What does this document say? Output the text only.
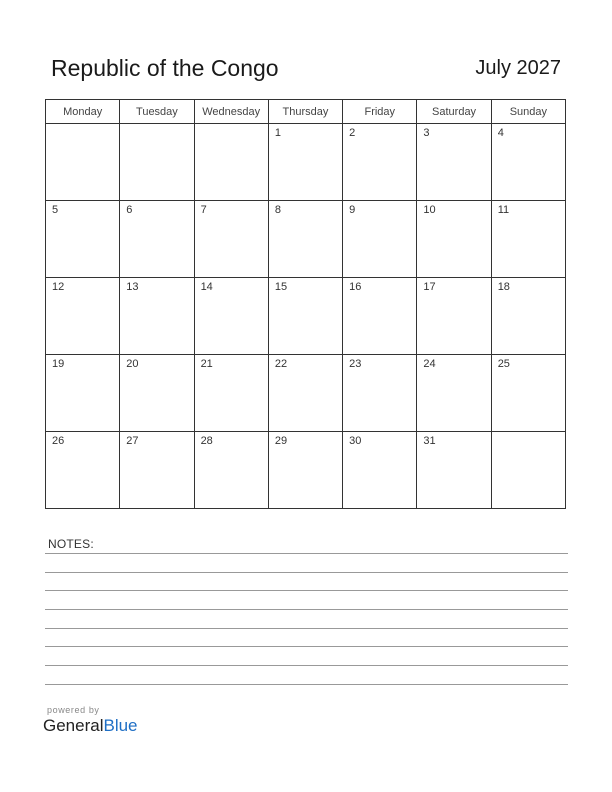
Republic of the Congo	July 2027
Monday	Tuesday	Wednesday	Thursday	Friday	Saturday	Sunday

			1	2	3	4

5	6	7	8	9	10	11

12	13	14	15	16	17	18

19	20	21	22	23	24	25

26	27	28	29	30	31	

NOTES:
powered by
GeneralBlue
